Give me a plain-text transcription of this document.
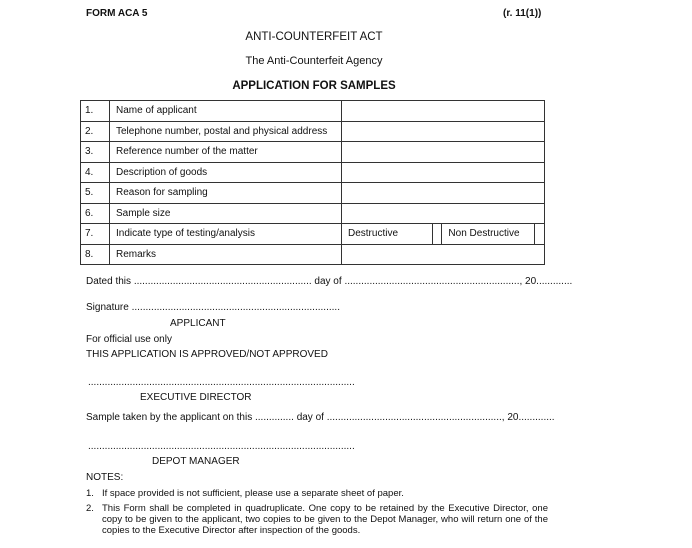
FORM ACA 5	(r. 11(1))
ANTI-COUNTERFEIT ACT
The Anti-Counterfeit Agency
APPLICATION FOR SAMPLES
1.	Name of applicant				
2.	Telephone number, postal and physical address				
3.	Reference number of the matter				
4.	Description of goods				
5.	Reason for sampling				
6.	Sample size				
7.	Indicate type of testing/analysis	Destructive		Non Destructive	
8.	Remarks				
Dated this ................................................................ day of ..............................................................., 20.............
Signature ...........................................................................
APPLICANT
For official use only
THIS APPLICATION IS APPROVED/NOT APPROVED
................................................................................................
EXECUTIVE DIRECTOR
Sample taken by the applicant on this .............. day of ..............................................................., 20.............
................................................................................................
DEPOT MANAGER
NOTES:
1. If space provided is not sufficient, please use a separate sheet of paper.
2. This Form shall be completed in quadruplicate. One copy to be retained by the Executive Director, one copy to be given to the applicant, two copies to be given to the Depot Manager, who will return one of the copies to the Executive Director after inspection of the goods.
